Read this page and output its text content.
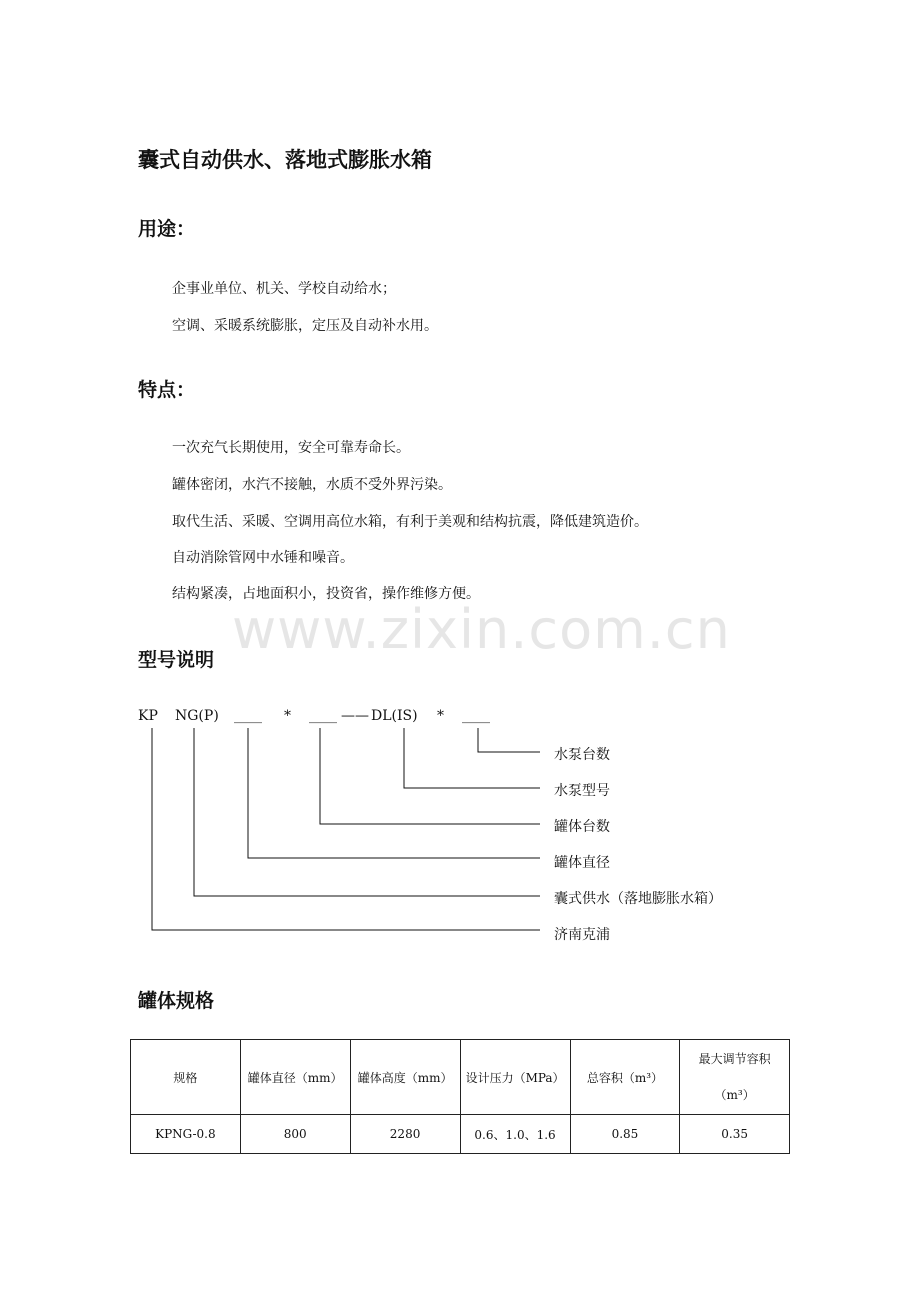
www.zixin.com.cn
囊式自动供水、落地式膨胀水箱
用途：
企事业单位、机关、学校自动给水；
空调、采暖系统膨胀，定压及自动补水用。
特点：
一次充气长期使用，安全可靠寿命长。
罐体密闭，水汽不接触，水质不受外界污染。
取代生活、采暖、空调用高位水箱，有利于美观和结构抗震，降低建筑造价。
自动消除管网中水锤和噪音。
结构紧凑，占地面积小，投资省，操作维修方便。
型号说明
KP NG(P) ____ * ____ —— DL(IS) * ____
水泵台数
水泵型号
罐体台数
罐体直径
囊式供水（落地膨胀水箱）
济南克浦
罐体规格
规格	罐体直径（mm）	罐体高度（mm）	设计压力（MPa）	总容积（m³）	最大调节容积
（m³）

KPNG-0.8	800	2280	0.6、1.0、1.6	0.85	0.35
